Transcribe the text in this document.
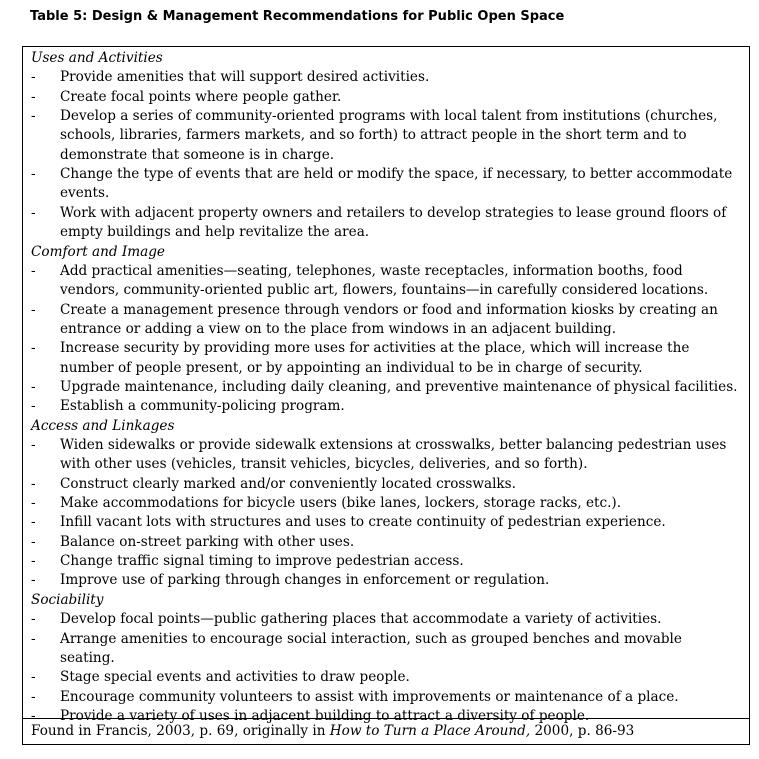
Table 5: Design & Management Recommendations for Public Open Space
Uses and Activities
- Provide amenities that will support desired activities.
- Create focal points where people gather.
- Develop a series of community-oriented programs with local talent from institutions (churches,
schools, libraries, farmers markets, and so forth) to attract people in the short term and to
demonstrate that someone is in charge.
- Change the type of events that are held or modify the space, if necessary, to better accommodate
events.
- Work with adjacent property owners and retailers to develop strategies to lease ground floors of
empty buildings and help revitalize the area.
Comfort and Image
- Add practical amenities—seating, telephones, waste receptacles, information booths, food
vendors, community-oriented public art, flowers, fountains—in carefully considered locations.
- Create a management presence through vendors or food and information kiosks by creating an
entrance or adding a view on to the place from windows in an adjacent building.
- Increase security by providing more uses for activities at the place, which will increase the
number of people present, or by appointing an individual to be in charge of security.
- Upgrade maintenance, including daily cleaning, and preventive maintenance of physical facilities.
- Establish a community-policing program.
Access and Linkages
- Widen sidewalks or provide sidewalk extensions at crosswalks, better balancing pedestrian uses
with other uses (vehicles, transit vehicles, bicycles, deliveries, and so forth).
- Construct clearly marked and/or conveniently located crosswalks.
- Make accommodations for bicycle users (bike lanes, lockers, storage racks, etc.).
- Infill vacant lots with structures and uses to create continuity of pedestrian experience.
- Balance on-street parking with other uses.
- Change traffic signal timing to improve pedestrian access.
- Improve use of parking through changes in enforcement or regulation.
Sociability
- Develop focal points—public gathering places that accommodate a variety of activities.
- Arrange amenities to encourage social interaction, such as grouped benches and movable
seating.
- Stage special events and activities to draw people.
- Encourage community volunteers to assist with improvements or maintenance of a place.
- Provide a variety of uses in adjacent building to attract a diversity of people.
Found in Francis, 2003, p. 69, originally in How to Turn a Place Around, 2000, p. 86-93
